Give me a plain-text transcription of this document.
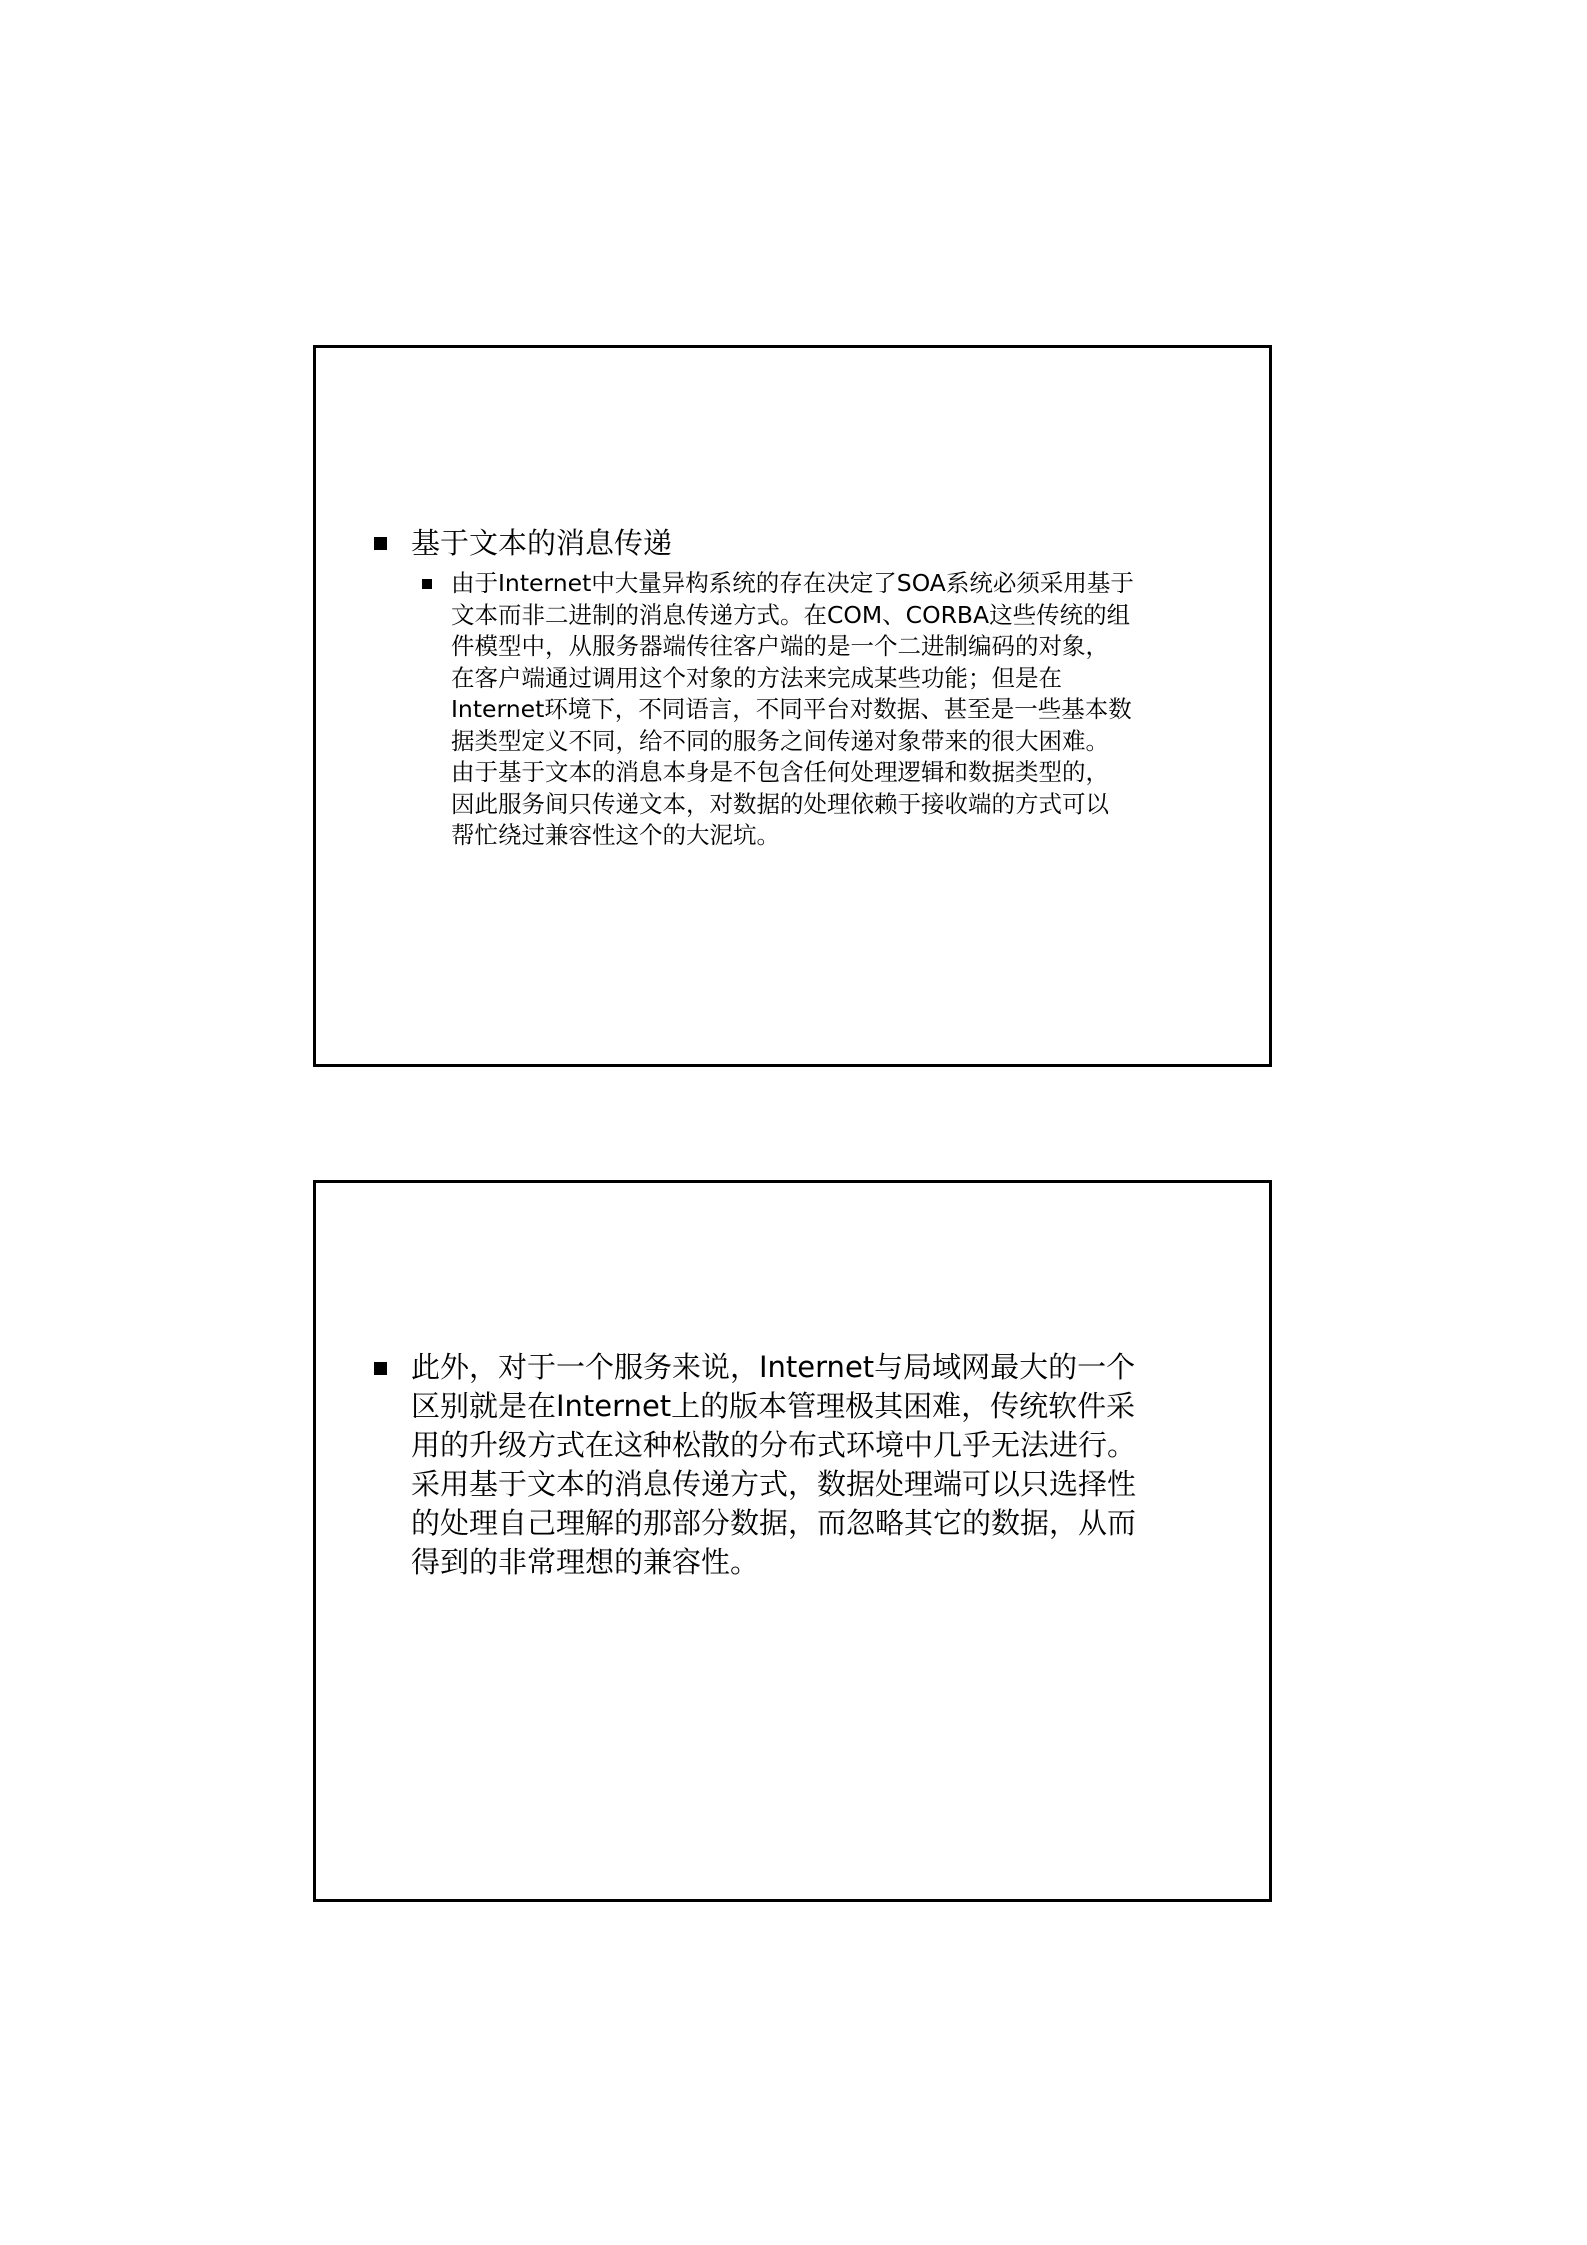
基于文本的消息传递
由于Internet中大量异构系统的存在决定了SOA系统必须采用基于
文本而非二进制的消息传递方式。在COM、CORBA这些传统的组
件模型中，从服务器端传往客户端的是一个二进制编码的对象，
在客户端通过调用这个对象的方法来完成某些功能；但是在
Internet环境下，不同语言，不同平台对数据、甚至是一些基本数
据类型定义不同，给不同的服务之间传递对象带来的很大困难。
由于基于文本的消息本身是不包含任何处理逻辑和数据类型的，
因此服务间只传递文本，对数据的处理依赖于接收端的方式可以
帮忙绕过兼容性这个的大泥坑。
此外，对于一个服务来说，Internet与局域网最大的一个
区别就是在Internet上的版本管理极其困难，传统软件采
用的升级方式在这种松散的分布式环境中几乎无法进行。
采用基于文本的消息传递方式，数据处理端可以只选择性
的处理自己理解的那部分数据，而忽略其它的数据，从而
得到的非常理想的兼容性。
